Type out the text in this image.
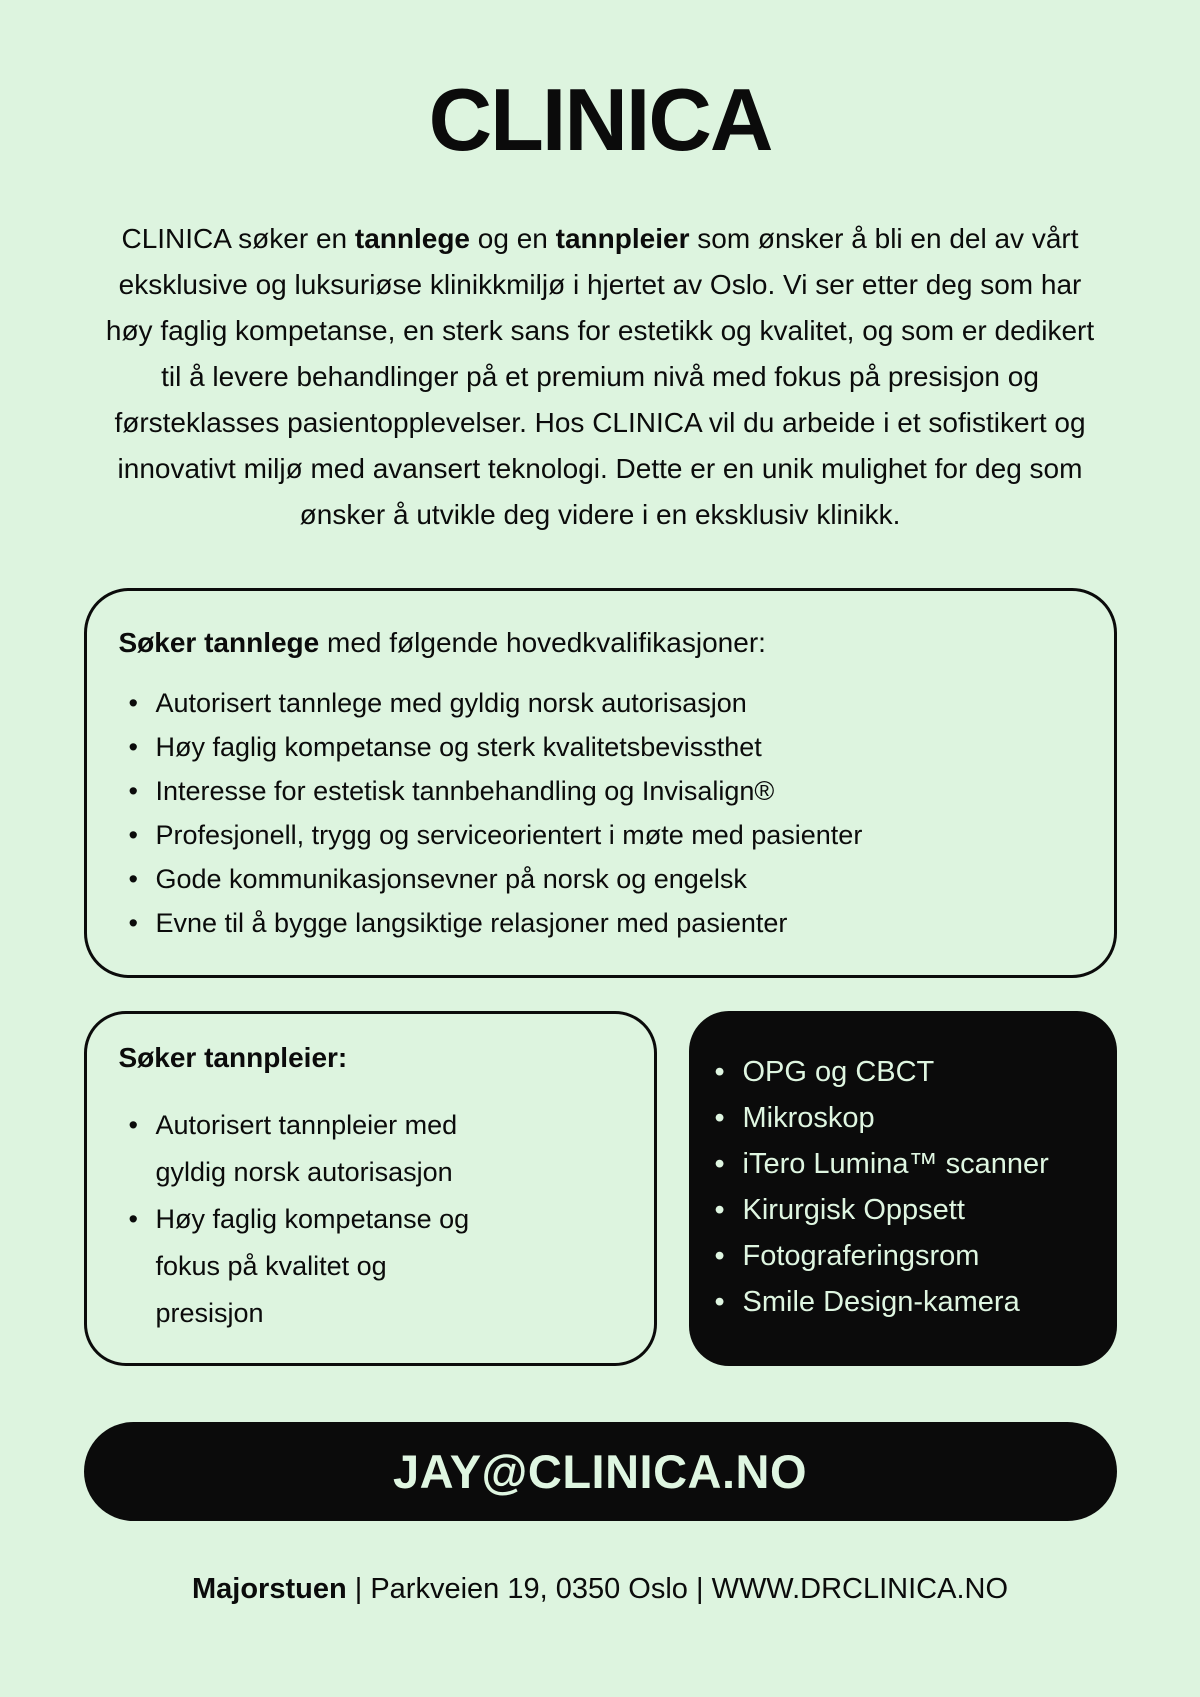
CLINICA

CLINICA søker en tannlege og en tannpleier som ønsker å bli en del av vårt eksklusive og luksuriøse klinikkmiljø i hjertet av Oslo. Vi ser etter deg som har høy faglig kompetanse, en sterk sans for estetikk og kvalitet, og som er dedikert til å levere behandlinger på et premium nivå med fokus på presisjon og førsteklasses pasientopplevelser. Hos CLINICA vil du arbeide i et sofistikert og innovativt miljø med avansert teknologi. Dette er en unik mulighet for deg som ønsker å utvikle deg videre i en eksklusiv klinikk.

Søker tannlege med følgende hovedkvalifikasjoner:
• Autorisert tannlege med gyldig norsk autorisasjon
• Høy faglig kompetanse og sterk kvalitetsbevissthet
• Interesse for estetisk tannbehandling og Invisalign®
• Profesjonell, trygg og serviceorientert i møte med pasienter
• Gode kommunikasjonsevner på norsk og engelsk
• Evne til å bygge langsiktige relasjoner med pasienter
Søker tannpleier:
• Autorisert tannpleier med gyldig norsk autorisasjon
• Høy faglig kompetanse og fokus på kvalitet og presisjon
• OPG og CBCT
• Mikroskop
• iTero Lumina™ scanner
• Kirurgisk Oppsett
• Fotograferingsrom
• Smile Design-kamera
JAY@CLINICA.NO

Majorstuen | Parkveien 19, 0350 Oslo | WWW.DRCLINICA.NO
